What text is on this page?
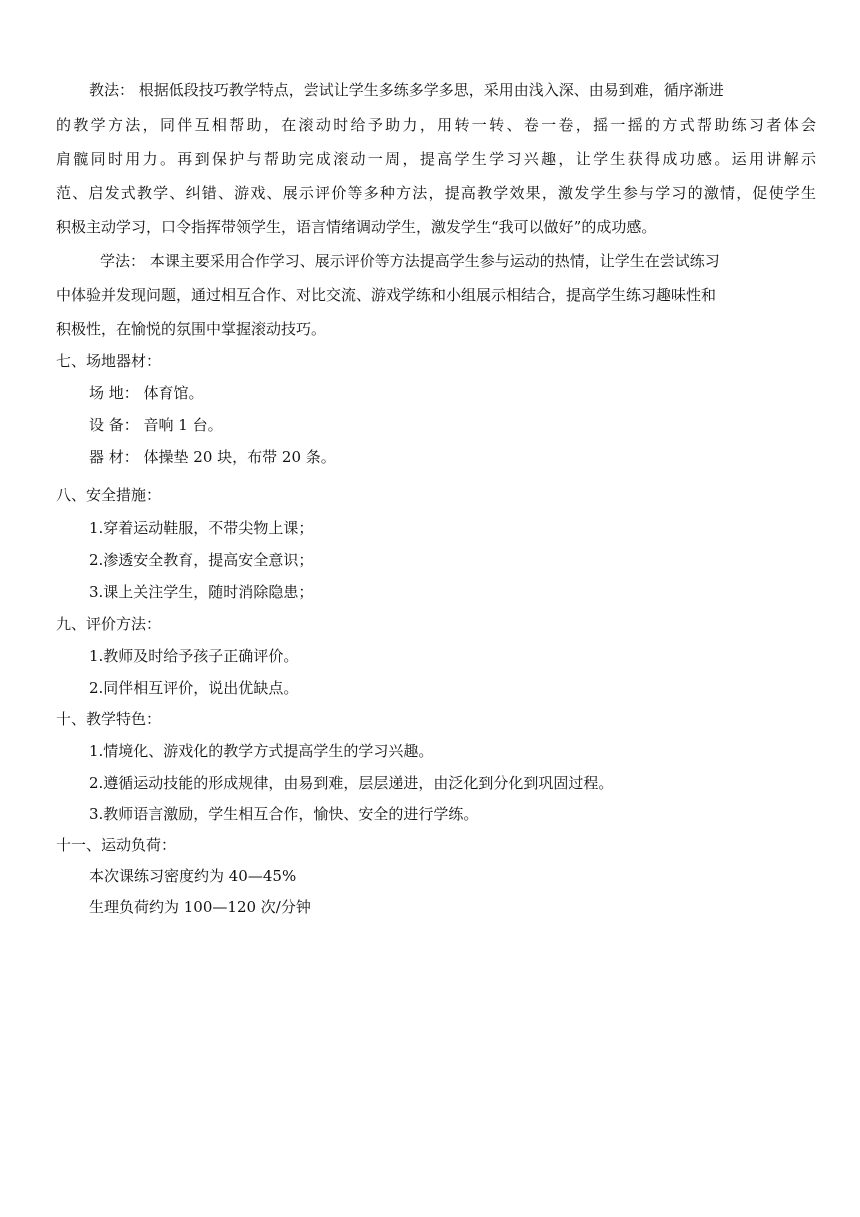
教法： 根据低段技巧教学特点，尝试让学生多练多学多思，采用由浅入深、由易到难，循序渐进
的教学方法，同伴互相帮助，在滚动时给予助力，用转一转、卷一卷，摇一摇的方式帮助练习者体会
肩髋同时用力。再到保护与帮助完成滚动一周，提高学生学习兴趣，让学生获得成功感。运用讲解示
范、启发式教学、纠错、游戏、展示评价等多种方法，提高教学效果，激发学生参与学习的激情，促使学生
积极主动学习，口令指挥带领学生，语言情绪调动学生，激发学生“我可以做好”的成功感。
学法： 本课主要采用合作学习、展示评价等方法提高学生参与运动的热情，让学生在尝试练习
中体验并发现问题，通过相互合作、对比交流、游戏学练和小组展示相结合，提高学生练习趣味性和
积极性，在愉悦的氛围中掌握滚动技巧。
七、场地器材：
场 地： 体育馆。
设 备： 音响 1 台。
器 材： 体操垫 20 块，布带 20 条。
八、安全措施：
1.穿着运动鞋服，不带尖物上课；
2.渗透安全教育，提高安全意识；
3.课上关注学生，随时消除隐患；
九、评价方法：
1.教师及时给予孩子正确评价。
2.同伴相互评价，说出优缺点。
十、教学特色：
1.情境化、游戏化的教学方式提高学生的学习兴趣。
2.遵循运动技能的形成规律，由易到难，层层递进，由泛化到分化到巩固过程。
3.教师语言激励，学生相互合作，愉快、安全的进行学练。
十一、运动负荷：
本次课练习密度约为 40—45%
生理负荷约为 100—120 次/分钟
